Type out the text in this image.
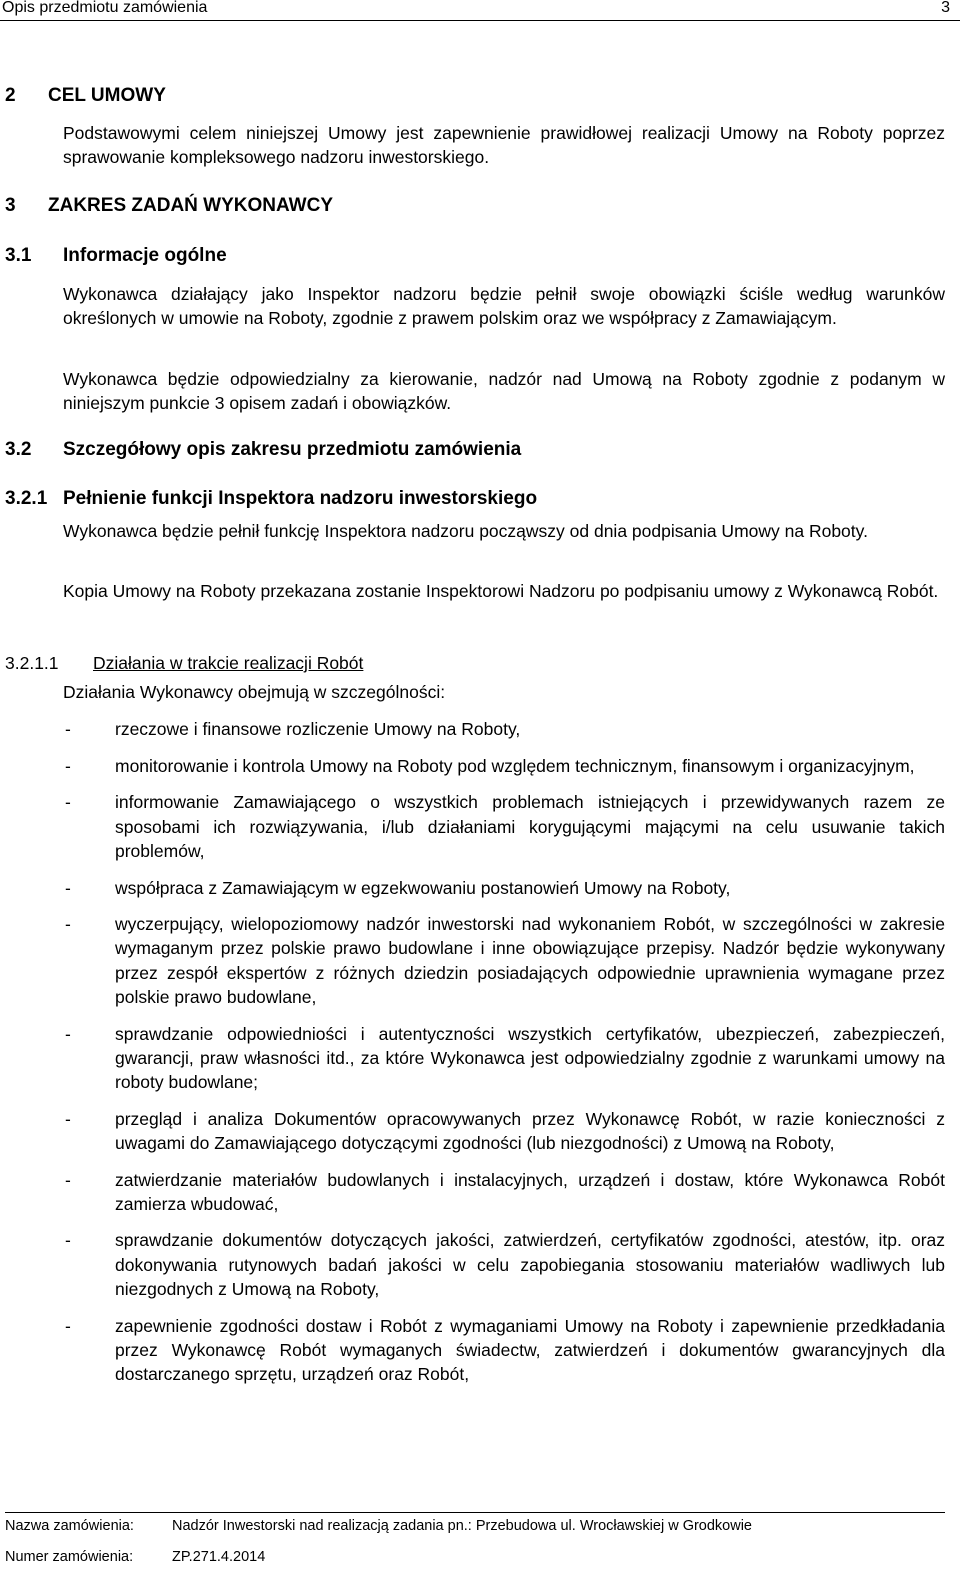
Opis przedmiotu zamówienia	3
2 CEL UMOWY
Podstawowymi celem niniejszej Umowy jest zapewnienie prawidłowej realizacji Umowy na Roboty poprzez sprawowanie kompleksowego nadzoru inwestorskiego.
3 ZAKRES ZADAŃ WYKONAWCY
3.1 Informacje ogólne
Wykonawca działający jako Inspektor nadzoru będzie pełnił swoje obowiązki ściśle według warunków określonych w umowie na Roboty, zgodnie z prawem polskim oraz we współpracy z Zamawiającym.
Wykonawca będzie odpowiedzialny za kierowanie, nadzór nad Umową na Roboty zgodnie z podanym w niniejszym punkcie 3 opisem zadań i obowiązków.
3.2 Szczegółowy opis zakresu przedmiotu zamówienia
3.2.1 Pełnienie funkcji Inspektora nadzoru inwestorskiego
Wykonawca będzie pełnił funkcję Inspektora nadzoru począwszy od dnia podpisania Umowy na Roboty.
Kopia Umowy na Roboty przekazana zostanie Inspektorowi Nadzoru po podpisaniu umowy z Wykonawcą Robót.
3.2.1.1 Działania w trakcie realizacji Robót
Działania Wykonawcy obejmują w szczególności:
-	rzeczowe i finansowe rozliczenie Umowy na Roboty,
-	monitorowanie i kontrola Umowy na Roboty pod względem technicznym, finansowym i organizacyjnym,
-	informowanie Zamawiającego o wszystkich problemach istniejących i przewidywanych razem ze sposobami ich rozwiązywania, i/lub działaniami korygującymi mającymi na celu usuwanie takich problemów,
-	współpraca z Zamawiającym w egzekwowaniu postanowień Umowy na Roboty,
-	wyczerpujący, wielopoziomowy nadzór inwestorski nad wykonaniem Robót, w szczególności w zakresie wymaganym przez polskie prawo budowlane i inne obowiązujące przepisy. Nadzór będzie wykonywany przez zespół ekspertów z różnych dziedzin posiadających odpowiednie uprawnienia wymagane przez polskie prawo budowlane,
-	sprawdzanie odpowiedniości i autentyczności wszystkich certyfikatów, ubezpieczeń, zabezpieczeń, gwarancji, praw własności itd., za które Wykonawca jest odpowiedzialny zgodnie z warunkami umowy na roboty budowlane;
-	przegląd i analiza Dokumentów opracowywanych przez Wykonawcę Robót, w razie konieczności z uwagami do Zamawiającego dotyczącymi zgodności (lub niezgodności) z Umową na Roboty,
-	zatwierdzanie materiałów budowlanych i instalacyjnych, urządzeń i dostaw, które Wykonawca Robót zamierza wbudować,
-	sprawdzanie dokumentów dotyczących jakości, zatwierdzeń, certyfikatów zgodności, atestów, itp. oraz dokonywania rutynowych badań jakości w celu zapobiegania stosowaniu materiałów wadliwych lub niezgodnych z Umową na Roboty,
-	zapewnienie zgodności dostaw i Robót z wymaganiami Umowy na Roboty i zapewnienie przedkładania przez Wykonawcę Robót wymaganych świadectw, zatwierdzeń i dokumentów gwarancyjnych dla dostarczanego sprzętu, urządzeń oraz Robót,
Nazwa zamówienia:	Nadzór Inwestorski nad realizacją zadania pn.: Przebudowa ul. Wrocławskiej w Grodkowie
Numer zamówienia:	ZP.271.4.2014
